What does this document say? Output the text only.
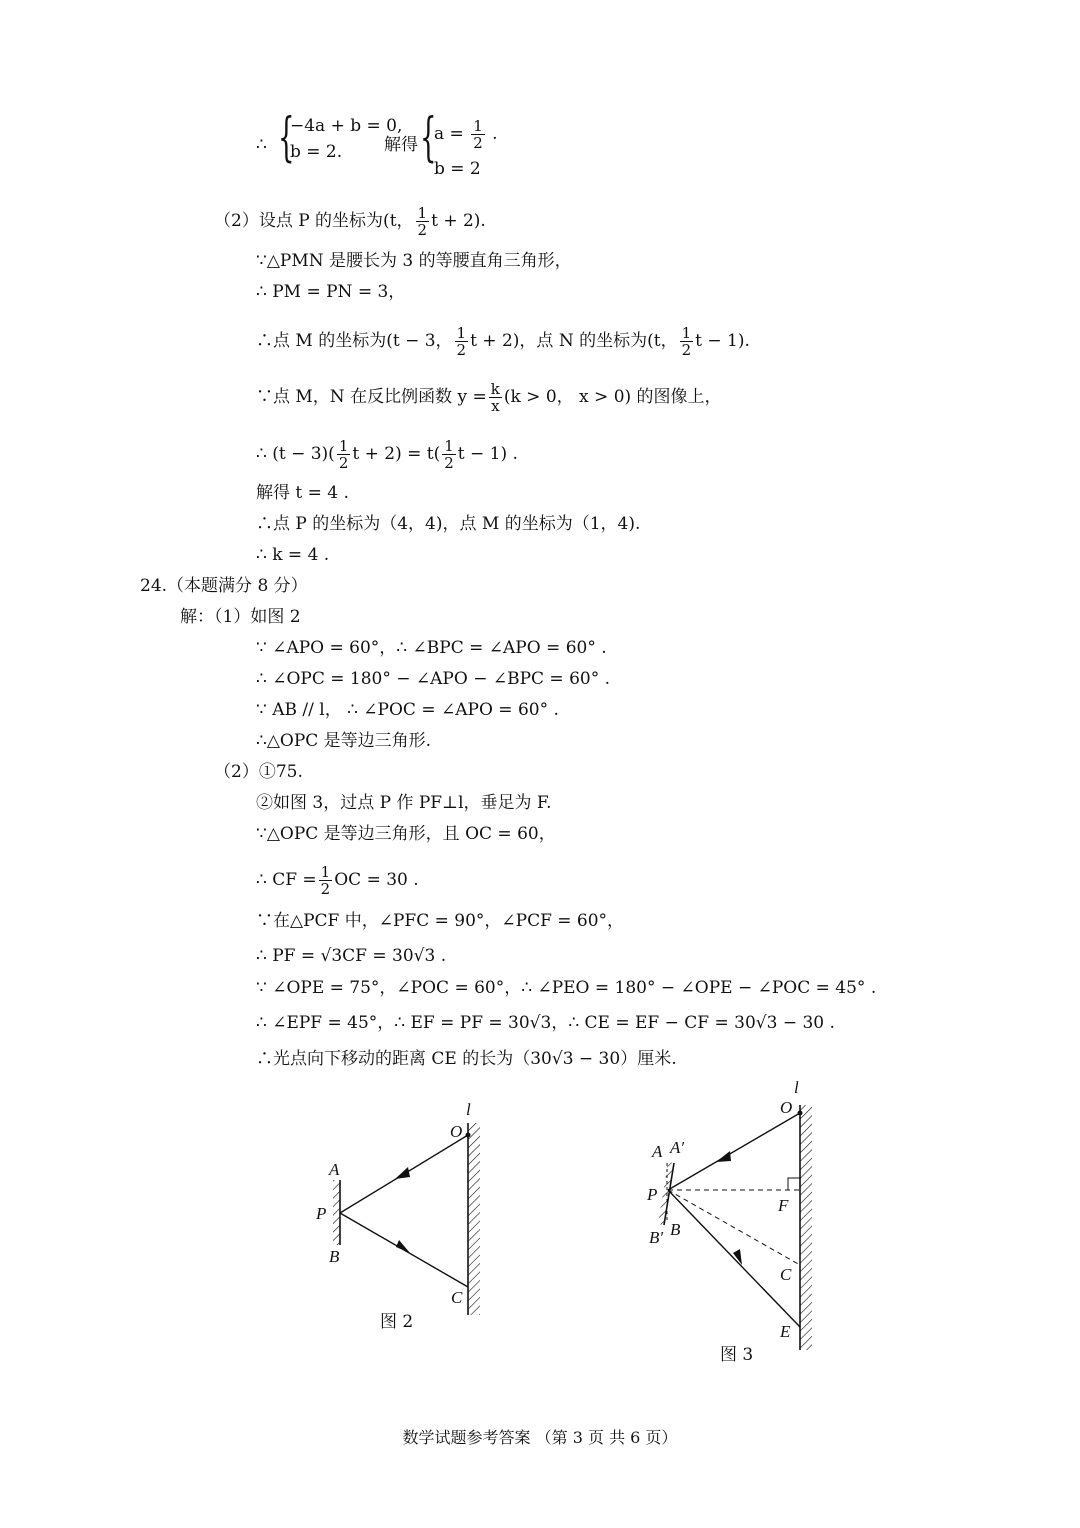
∴ {
−4a + b = 0,
b = 2.	解得 {
$a = \frac{1}{2}$ .
b = 2
（2）设点 P 的坐标为(t， $\frac{1}{2}$ t + 2).
∵△PMN 是腰长为 3 的等腰直角三角形，
∴ PM = PN = 3，
∴点 M 的坐标为(t − 3， $\frac{1}{2}$ t + 2)，点 N 的坐标为(t， $\frac{1}{2}$ t − 1).
∵点 M，N 在反比例函数 $y = \frac{k}{x} (k > 0$， x > 0) 的图像上，
∴ $(t - 3)( \frac{1}{2}$ $t + 2) = t( \frac{1}{2}$ t − 1) .
解得 t = 4 .
∴点 P 的坐标为（4，4)，点 M 的坐标为（1，4).
∴ k = 4 .
24.（本题满分 8 分）
解：（1）如图 2
∵ ∠APO = 60°，∴ ∠BPC = ∠APO = 60° .
∴ ∠OPC = 180° − ∠APO − ∠BPC = 60° .
∵ AB // l， ∴ ∠POC = ∠APO = 60° .
∴△OPC 是等边三角形.
（2）①75.
②如图 3，过点 P 作 PF⊥l，垂足为 F.
∵△OPC 是等边三角形，且 OC = 60，
∴ CF = $\frac{1}{2}$ OC = 30 .
∵在△PCF 中，∠PFC = 90°，∠PCF = 60°，
∴ PF = √3CF = 30√3 .
∵ ∠OPE = 75°，∠POC = 60°，∴ ∠PEO = 180° − ∠OPE − ∠POC = 45° .
∴ ∠EPF = 45°，∴ EF = PF = 30√3，∴ CE = EF − CF = 30√3 − 30 .
∴光点向下移动的距离 CE 的长为（30√3 − 30）厘米.
l
O
A
P
B
C
图 2
l
O
A A′
P
F
B
B′
C
E
图 3
数学试题参考答案 （第 3 页 共 6 页）
